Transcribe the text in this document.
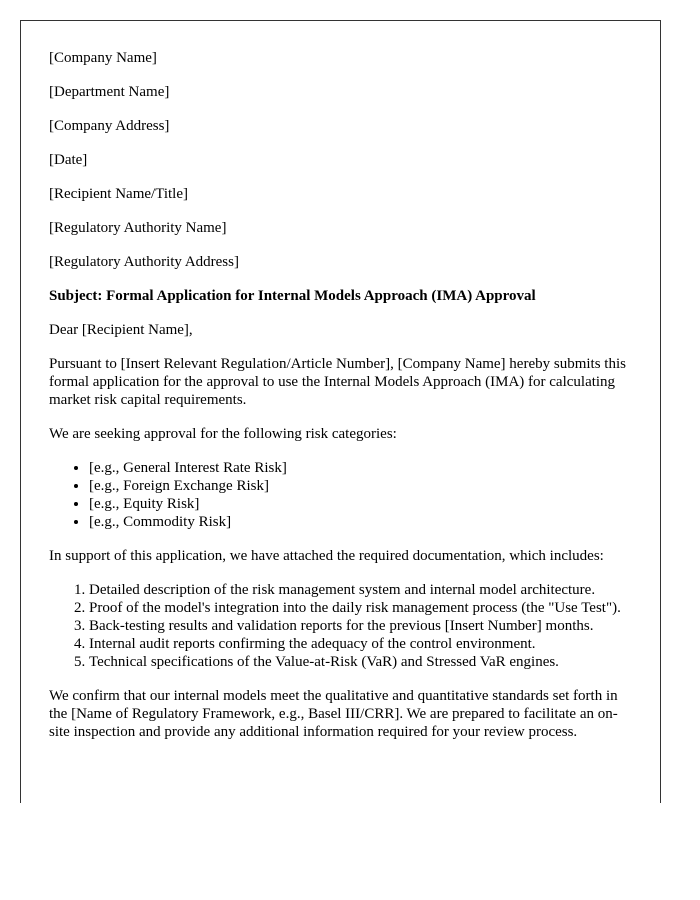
[Company Name]

[Department Name]

[Company Address]

[Date]

[Recipient Name/Title]

[Regulatory Authority Name]

[Regulatory Authority Address]

Subject: Formal Application for Internal Models Approach (IMA) Approval

Dear [Recipient Name],

Pursuant to [Insert Relevant Regulation/Article Number], [Company Name] hereby submits this formal application for the approval to use the Internal Models Approach (IMA) for calculating market risk capital requirements.

We are seeking approval for the following risk categories:

• [e.g., General Interest Rate Risk]
• [e.g., Foreign Exchange Risk]
• [e.g., Equity Risk]
• [e.g., Commodity Risk]

In support of this application, we have attached the required documentation, which includes:

1. Detailed description of the risk management system and internal model architecture.
2. Proof of the model's integration into the daily risk management process (the "Use Test").
3. Back-testing results and validation reports for the previous [Insert Number] months.
4. Internal audit reports confirming the adequacy of the control environment.
5. Technical specifications of the Value-at-Risk (VaR) and Stressed VaR engines.

We confirm that our internal models meet the qualitative and quantitative standards set forth in the [Name of Regulatory Framework, e.g., Basel III/CRR]. We are prepared to facilitate an on-site inspection and provide any additional information required for your review process.
